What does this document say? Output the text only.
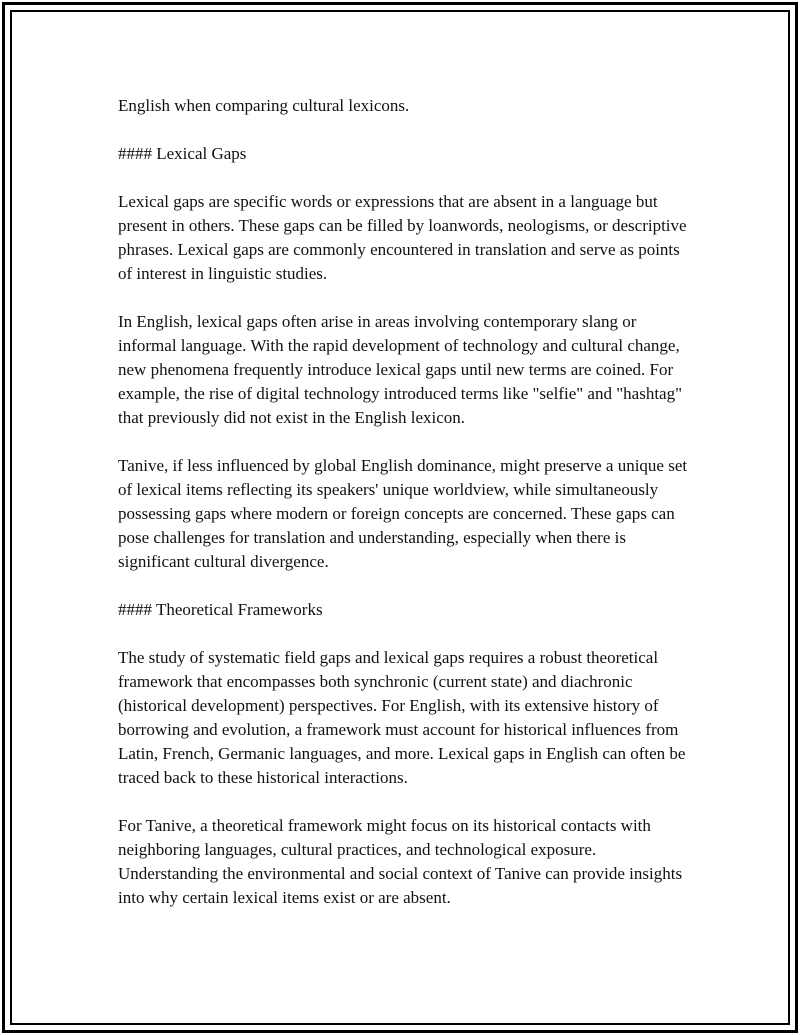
English when comparing cultural lexicons.

#### Lexical Gaps

Lexical gaps are specific words or expressions that are absent in a language but present in others. These gaps can be filled by loanwords, neologisms, or descriptive phrases. Lexical gaps are commonly encountered in translation and serve as points of interest in linguistic studies.

In English, lexical gaps often arise in areas involving contemporary slang or informal language. With the rapid development of technology and cultural change, new phenomena frequently introduce lexical gaps until new terms are coined. For example, the rise of digital technology introduced terms like "selfie" and "hashtag" that previously did not exist in the English lexicon.

Tanive, if less influenced by global English dominance, might preserve a unique set of lexical items reflecting its speakers' unique worldview, while simultaneously possessing gaps where modern or foreign concepts are concerned. These gaps can pose challenges for translation and understanding, especially when there is significant cultural divergence.

#### Theoretical Frameworks

The study of systematic field gaps and lexical gaps requires a robust theoretical framework that encompasses both synchronic (current state) and diachronic (historical development) perspectives. For English, with its extensive history of borrowing and evolution, a framework must account for historical influences from Latin, French, Germanic languages, and more. Lexical gaps in English can often be traced back to these historical interactions.

For Tanive, a theoretical framework might focus on its historical contacts with neighboring languages, cultural practices, and technological exposure. Understanding the environmental and social context of Tanive can provide insights into why certain lexical items exist or are absent.
